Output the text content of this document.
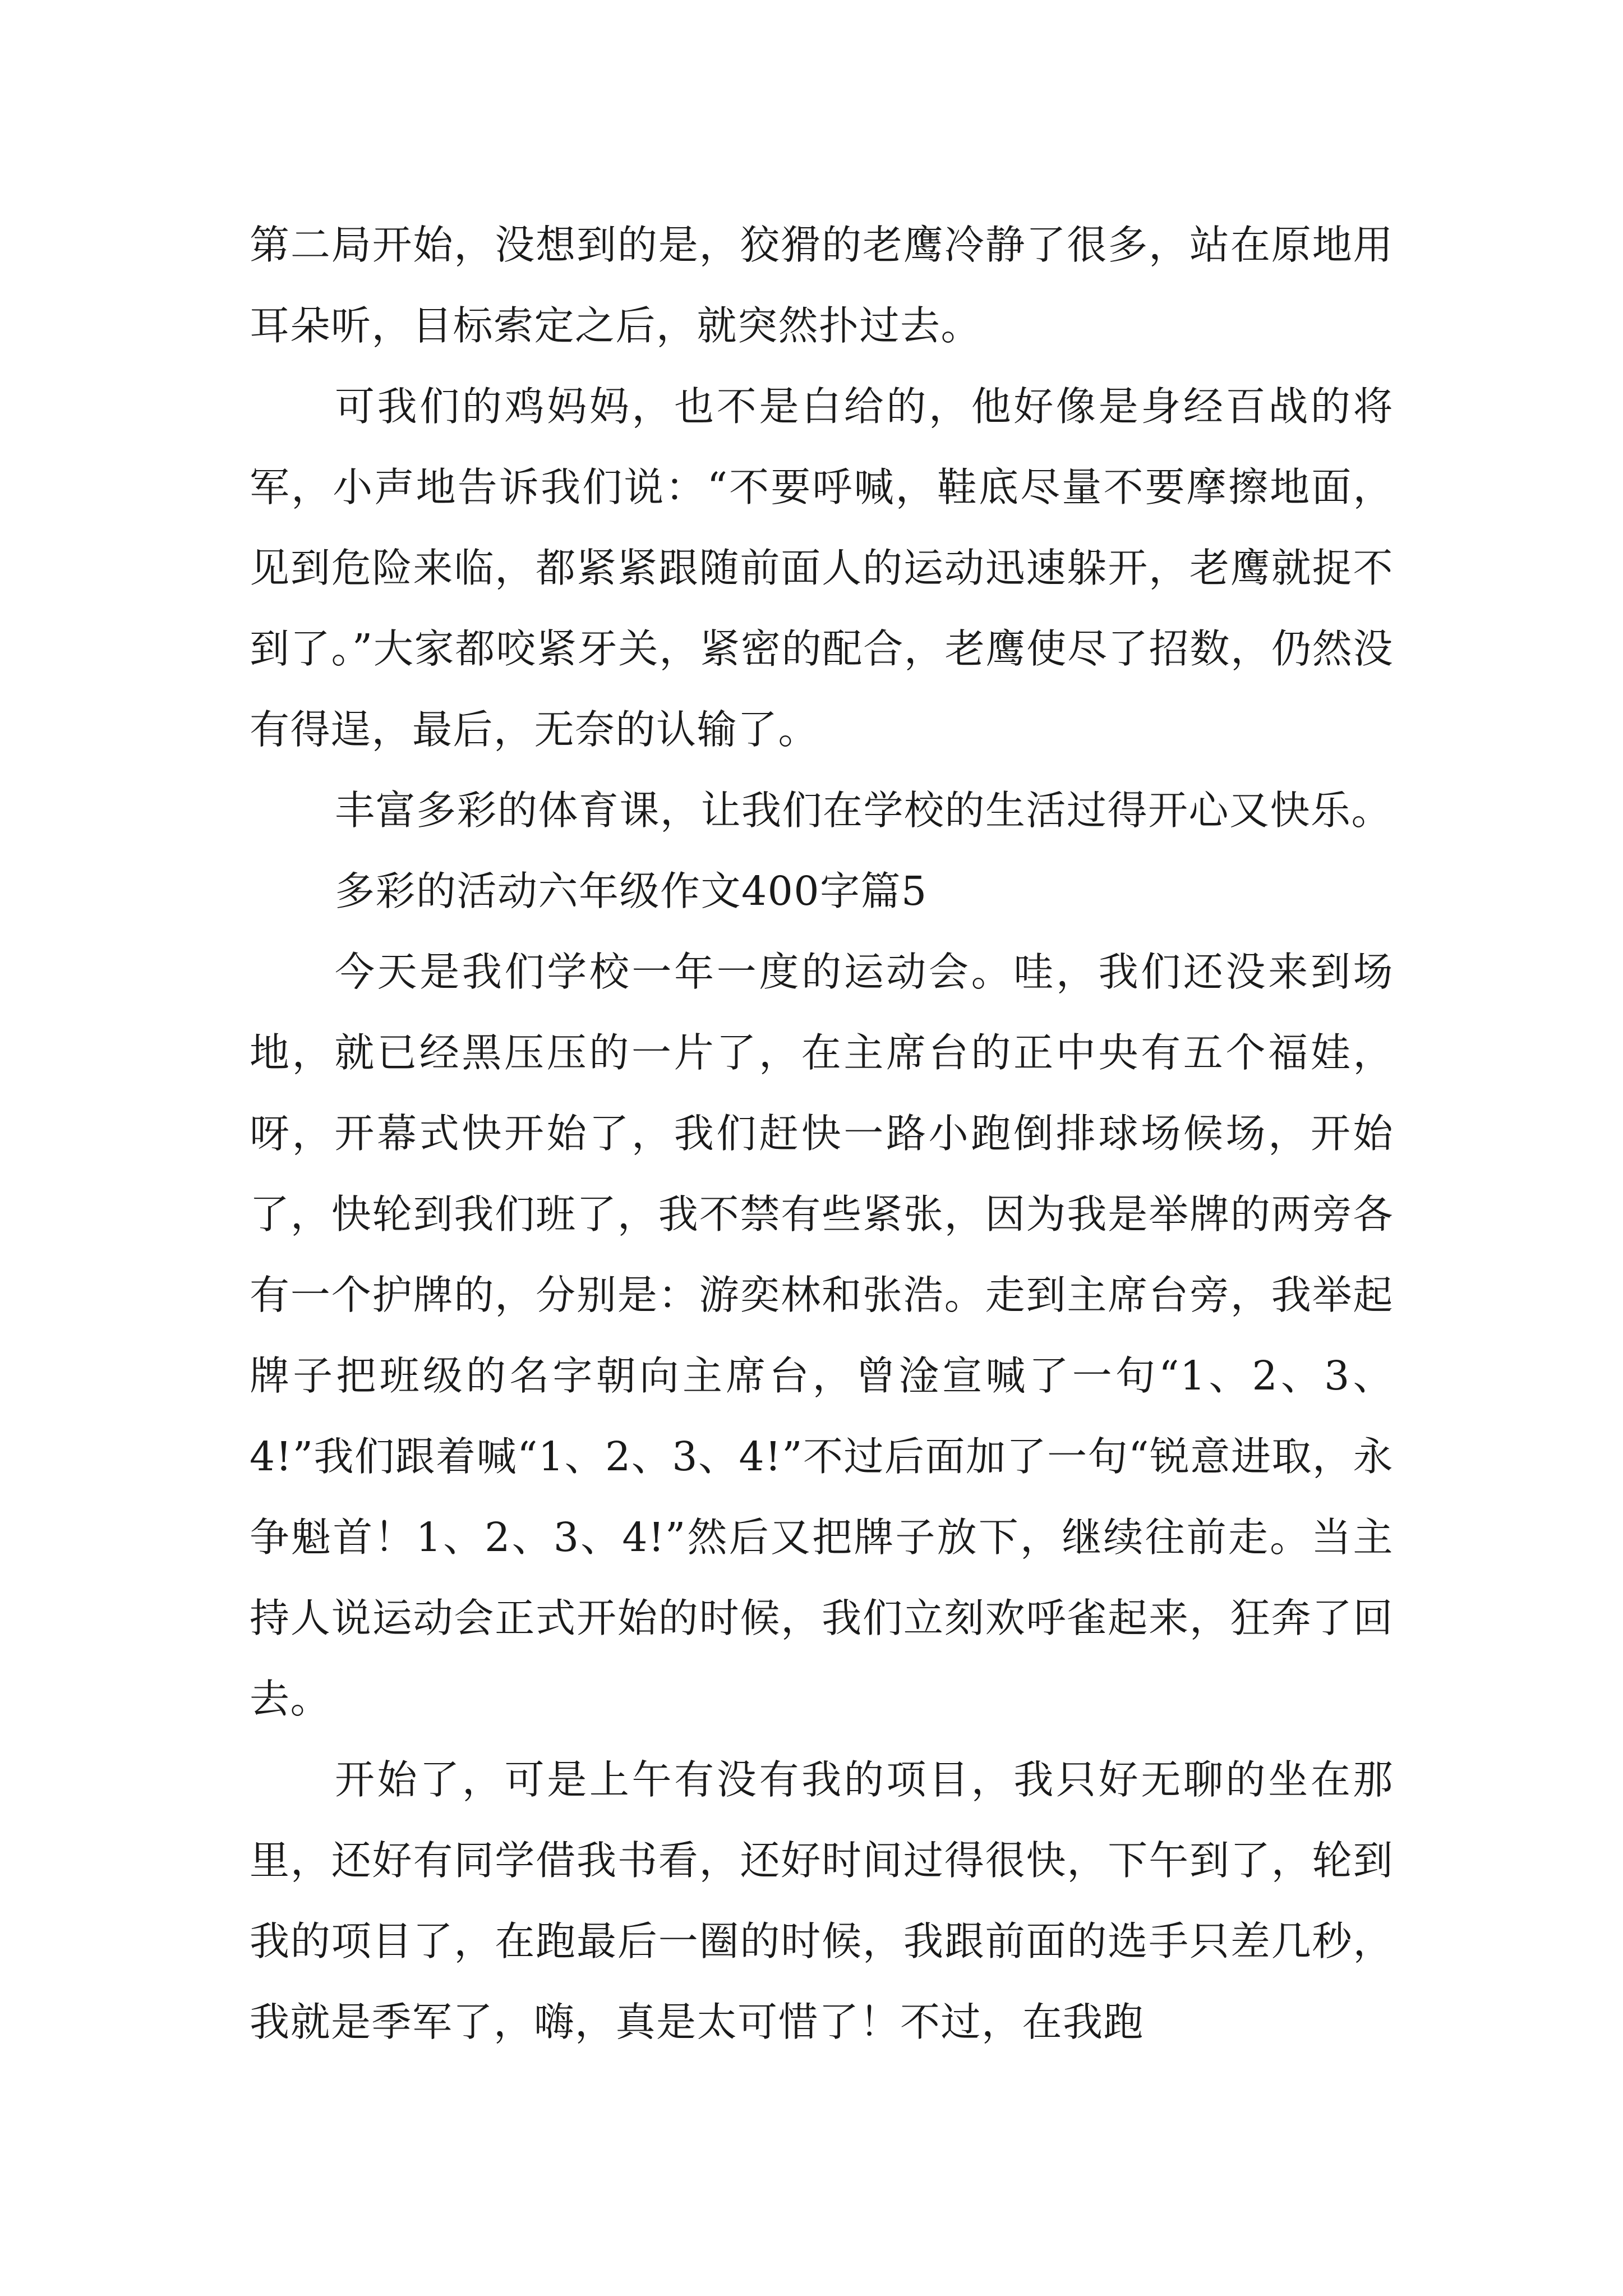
第二局开始，没想到的是，狡猾的老鹰冷静了很多，站在原地用耳朵听，目标索定之后，就突然扑过去。

可我们的鸡妈妈，也不是白给的，他好像是身经百战的将军，小声地告诉我们说：“不要呼喊，鞋底尽量不要摩擦地面，见到危险来临，都紧紧跟随前面人的运动迅速躲开，老鹰就捉不到了。”大家都咬紧牙关，紧密的配合，老鹰使尽了招数，仍然没有得逞，最后，无奈的认输了。

丰富多彩的体育课，让我们在学校的生活过得开心又快乐。

多彩的活动六年级作文400字篇5

今天是我们学校一年一度的运动会。哇，我们还没来到场地，就已经黑压压的一片了，在主席台的正中央有五个福娃，呀，开幕式快开始了，我们赶快一路小跑倒排球场候场，开始了，快轮到我们班了，我不禁有些紧张，因为我是举牌的两旁各有一个护牌的，分别是：游奕林和张浩。走到主席台旁，我举起牌子把班级的名字朝向主席台，曾淦宣喊了一句“1、2、3、4!”我们跟着喊“1、2、3、4!”不过后面加了一句“锐意进取，永争魁首！1、2、3、4!”然后又把牌子放下，继续往前走。当主持人说运动会正式开始的时候，我们立刻欢呼雀起来，狂奔了回去。

开始了，可是上午有没有我的项目，我只好无聊的坐在那里，还好有同学借我书看，还好时间过得很快，下午到了，轮到我的项目了，在跑最后一圈的时候，我跟前面的选手只差几秒，我就是季军了，嗨，真是太可惜了！不过，在我跑
